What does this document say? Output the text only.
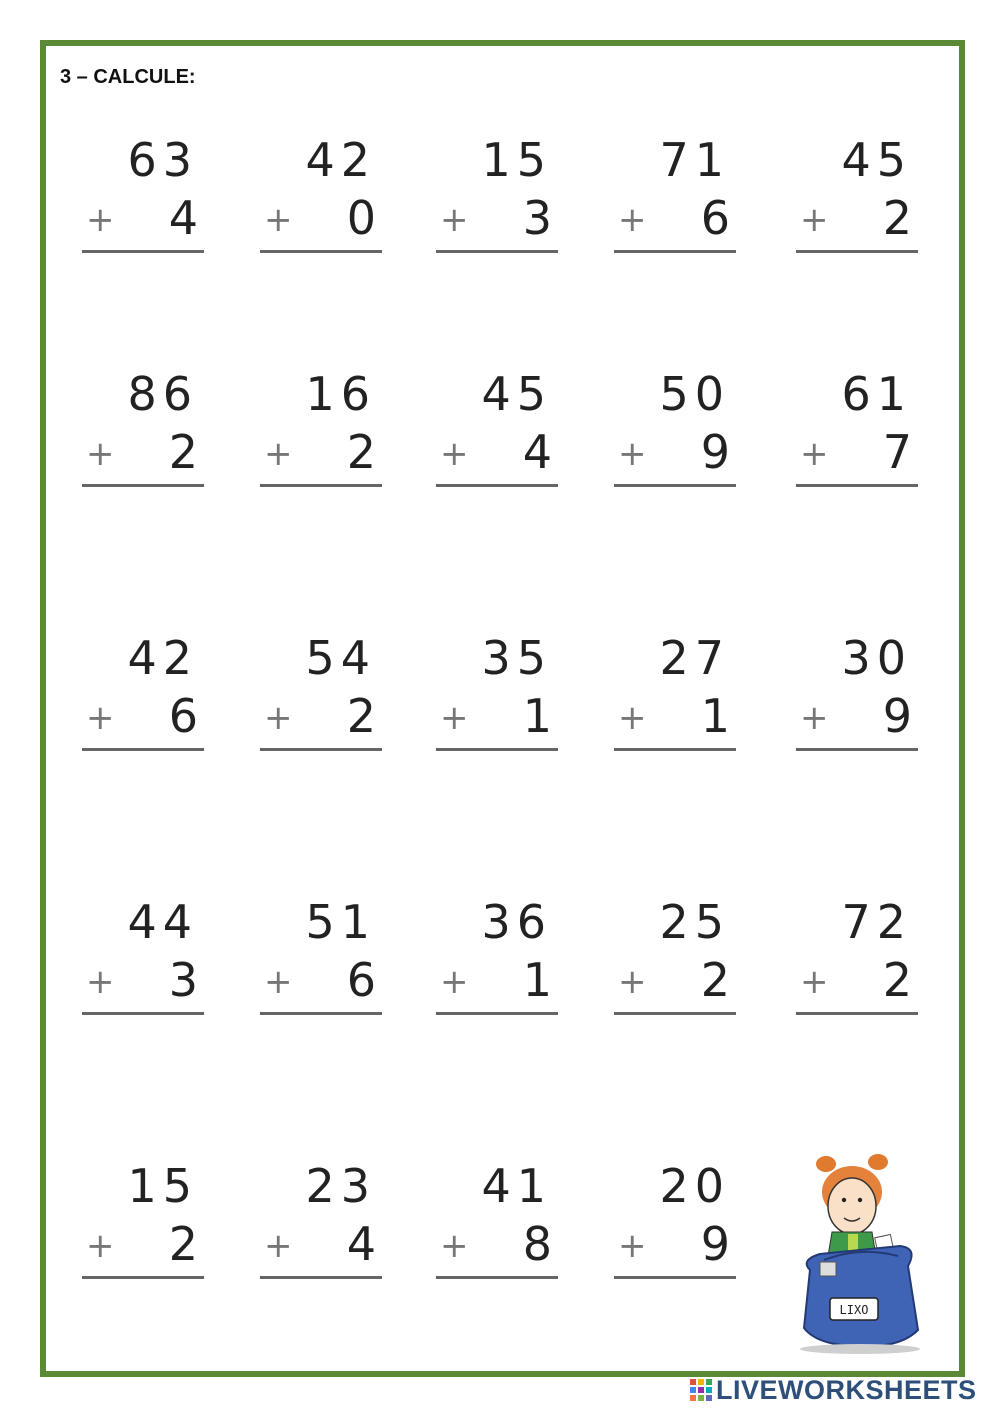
3 – CALCULE:
63
+ 4
42
+ 0
15
+ 3
71
+ 6
45
+ 2
86
+ 2
16
+ 2
45
+ 4
50
+ 9
61
+ 7
42
+ 6
54
+ 2
35
+ 1
27
+ 1
30
+ 9
44
+ 3
51
+ 6
36
+ 1
25
+ 2
72
+ 2
15
+ 2
23
+ 4
41
+ 8
20
+ 9
LIXO
LIVEWORKSHEETS
